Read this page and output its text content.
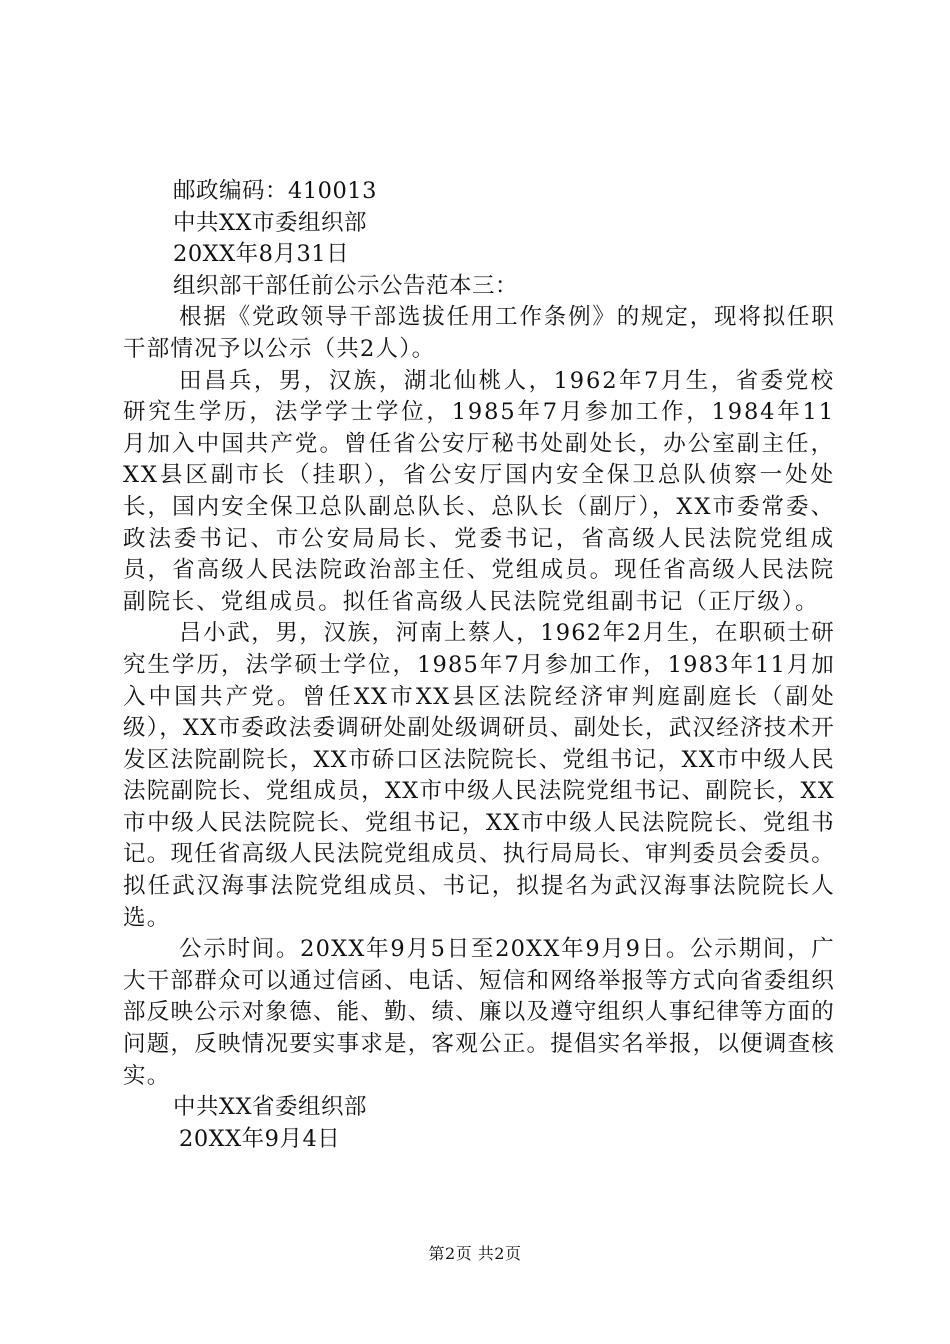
邮政编码：410013
中共XX市委组织部
20XX年8月31日
组织部干部任前公示公告范本三：
根据《党政领导干部选拔任用工作条例》的规定，现将拟任职干部情况予以公示（共2人）。
田昌兵，男，汉族，湖北仙桃人，1962年7月生，省委党校研究生学历，法学学士学位，1985年7月参加工作，1984年11月加入中国共产党。曾任省公安厅秘书处副处长，办公室副主任，XX县区副市长（挂职），省公安厅国内安全保卫总队侦察一处处长，国内安全保卫总队副总队长、总队长（副厅），XX市委常委、政法委书记、市公安局局长、党委书记，省高级人民法院党组成员，省高级人民法院政治部主任、党组成员。现任省高级人民法院副院长、党组成员。拟任省高级人民法院党组副书记（正厅级）。
吕小武，男，汉族，河南上蔡人，1962年2月生，在职硕士研究生学历，法学硕士学位，1985年7月参加工作，1983年11月加入中国共产党。曾任XX市XX县区法院经济审判庭副庭长（副处级），XX市委政法委调研处副处级调研员、副处长，武汉经济技术开发区法院副院长，XX市硚口区法院院长、党组书记，XX市中级人民法院副院长、党组成员，XX市中级人民法院党组书记、副院长，XX市中级人民法院院长、党组书记，XX市中级人民法院院长、党组书记。现任省高级人民法院党组成员、执行局局长、审判委员会委员。拟任武汉海事法院党组成员、书记，拟提名为武汉海事法院院长人选。
公示时间。20XX年9月5日至20XX年9月9日。公示期间，广大干部群众可以通过信函、电话、短信和网络举报等方式向省委组织部反映公示对象德、能、勤、绩、廉以及遵守组织人事纪律等方面的问题，反映情况要实事求是，客观公正。提倡实名举报，以便调查核实。
中共XX省委组织部
20XX年9月4日
第2页 共2页
